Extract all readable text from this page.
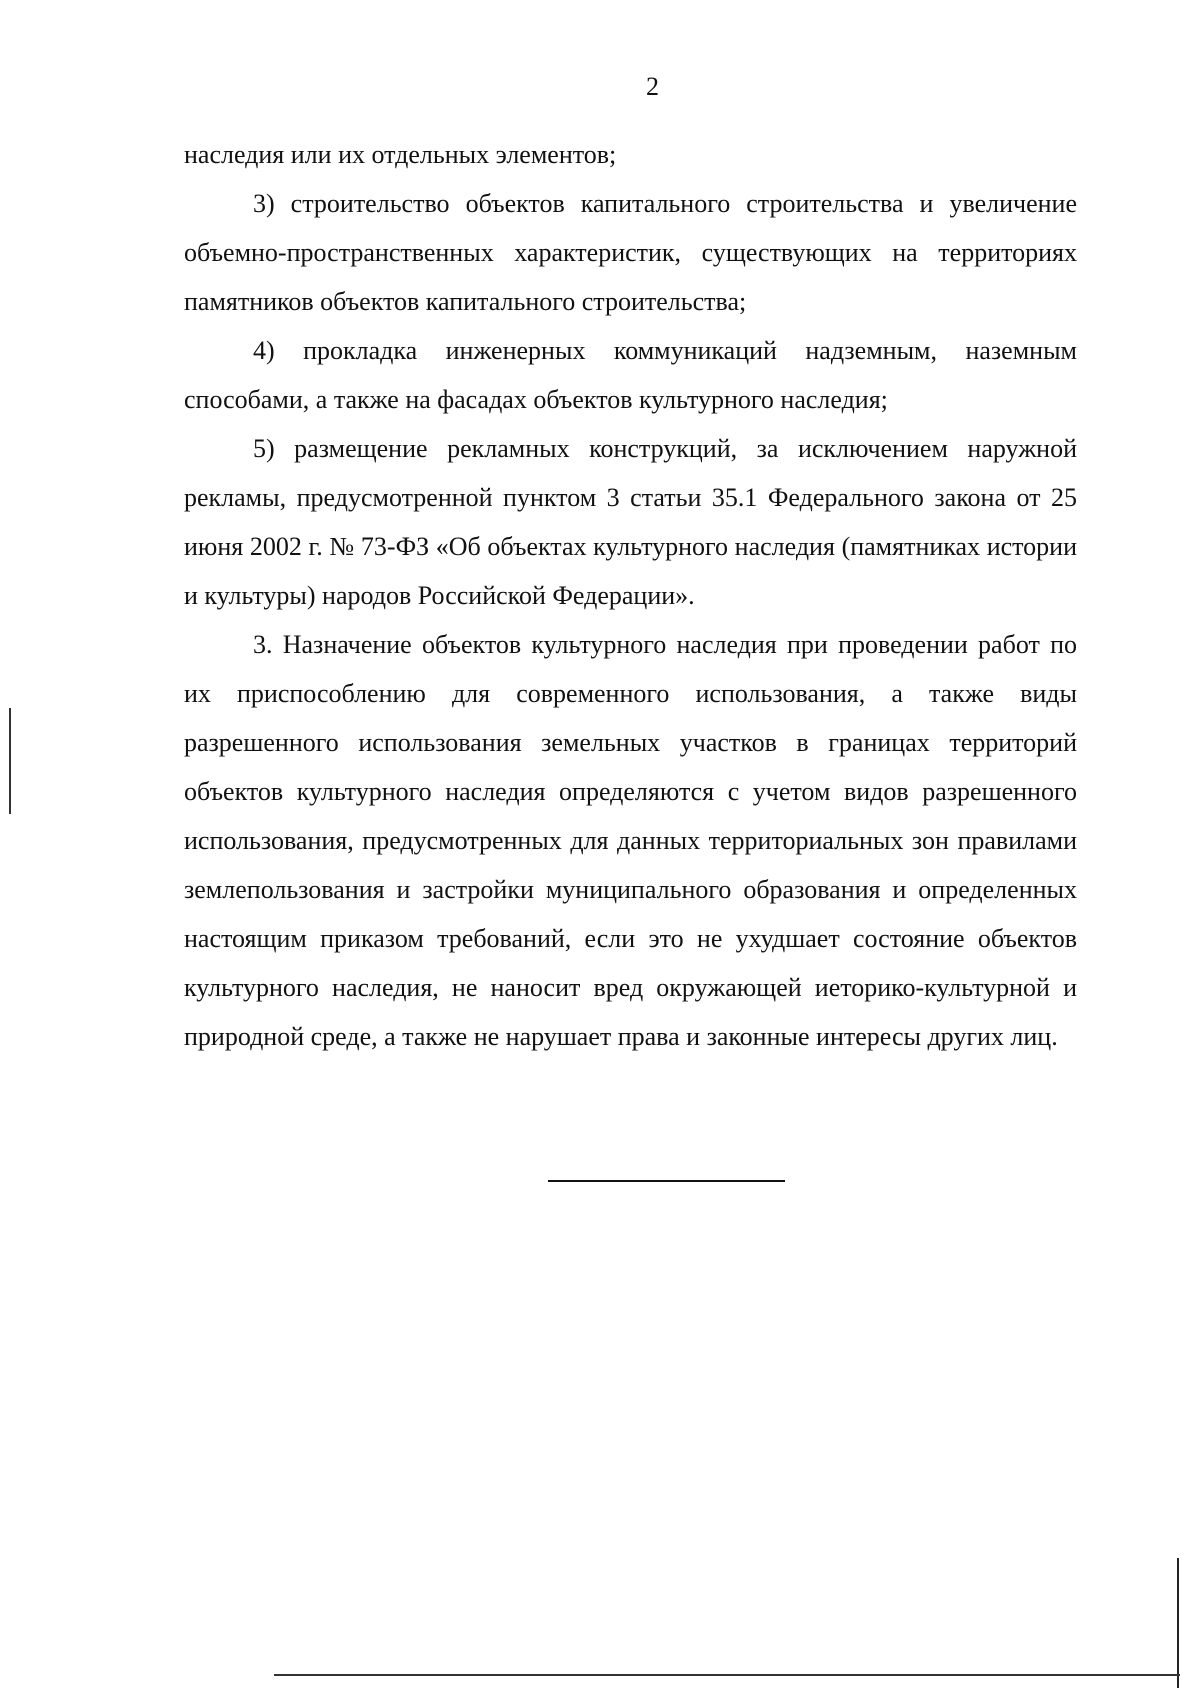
2

наследия или их отдельных элементов;

3) строительство объектов капитального строительства и увеличение объемно-пространственных характеристик, существующих на территориях памятников объектов капитального строительства;

4) прокладка инженерных коммуникаций надземным, наземным способами, а также на фасадах объектов культурного наследия;

5) размещение рекламных конструкций, за исключением наружной рекламы, предусмотренной пунктом 3 статьи 35.1 Федерального закона от 25 июня 2002 г. № 73-ФЗ «Об объектах культурного наследия (памятниках истории и культуры) народов Российской Федерации».

3. Назначение объектов культурного наследия при проведении работ по их приспособлению для современного использования, а также виды разрешенного использования земельных участков в границах территорий объектов культурного наследия определяются с учетом видов разрешенного использования, предусмотренных для данных территориальных зон правилами землепользования и застройки муниципального образования и определенных настоящим приказом требований, если это не ухудшает состояние объектов культурного наследия, не наносит вред окружающей иеторико-культурной и природной среде, а также не нарушает права и законные интересы других лиц.
